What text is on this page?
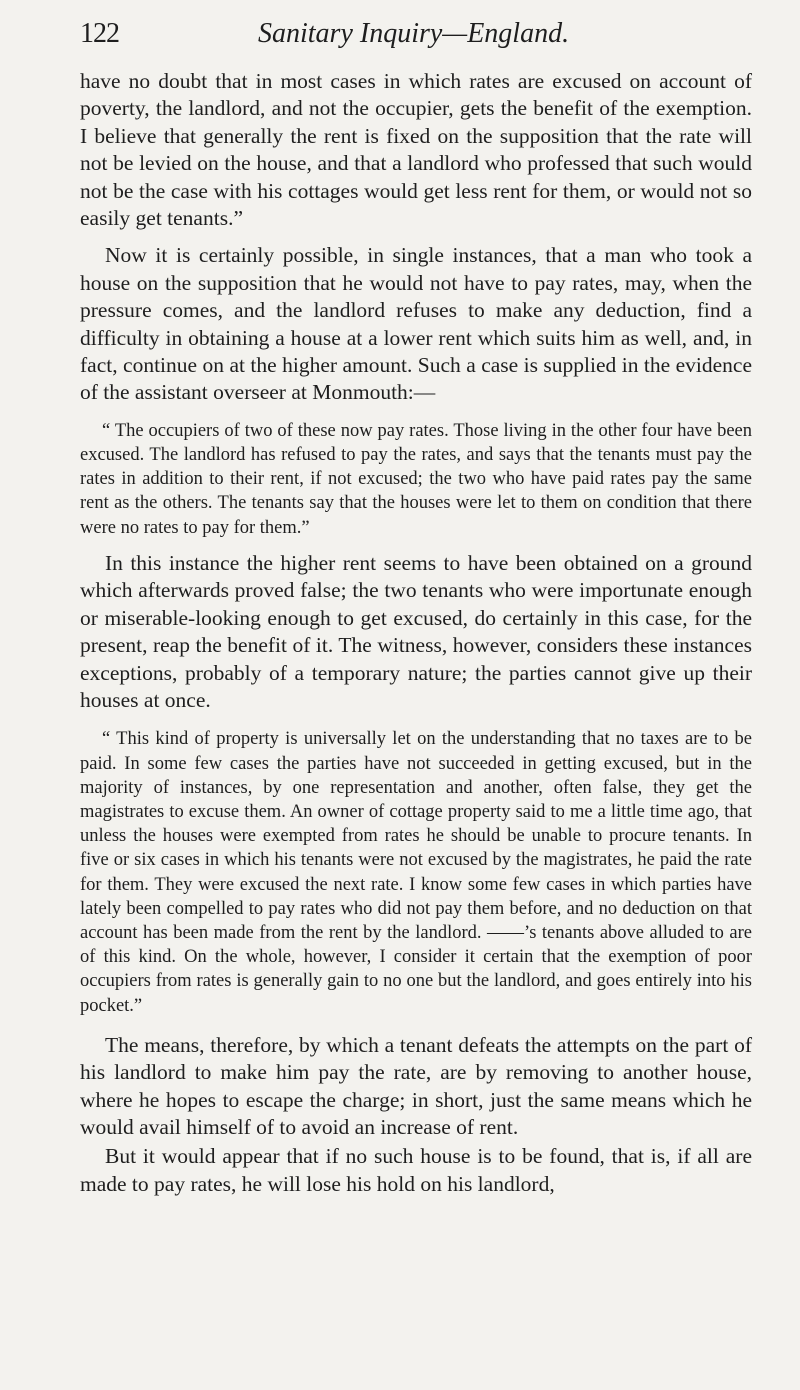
122	Sanitary Inquiry—England.

have no doubt that in most cases in which rates are excused on account of poverty, the landlord, and not the occupier, gets the benefit of the exemption. I believe that generally the rent is fixed on the supposition that the rate will not be levied on the house, and that a landlord who professed that such would not be the case with his cottages would get less rent for them, or would not so easily get tenants.”

Now it is certainly possible, in single instances, that a man who took a house on the supposition that he would not have to pay rates, may, when the pressure comes, and the landlord refuses to make any deduction, find a difficulty in obtaining a house at a lower rent which suits him as well, and, in fact, continue on at the higher amount. Such a case is supplied in the evidence of the assistant overseer at Monmouth:—

“ The occupiers of two of these now pay rates. Those living in the other four have been excused. The landlord has refused to pay the rates, and says that the tenants must pay the rates in addition to their rent, if not excused; the two who have paid rates pay the same rent as the others. The tenants say that the houses were let to them on condition that there were no rates to pay for them.”

In this instance the higher rent seems to have been obtained on a ground which afterwards proved false; the two tenants who were importunate enough or miserable-looking enough to get excused, do certainly in this case, for the present, reap the benefit of it. The witness, however, considers these instances exceptions, probably of a temporary nature; the parties cannot give up their houses at once.

“ This kind of property is universally let on the understanding that no taxes are to be paid. In some few cases the parties have not succeeded in getting excused, but in the majority of instances, by one representation and another, often false, they get the magistrates to excuse them. An owner of cottage property said to me a little time ago, that unless the houses were exempted from rates he should be unable to procure tenants. In five or six cases in which his tenants were not excused by the magistrates, he paid the rate for them. They were excused the next rate. I know some few cases in which parties have lately been compelled to pay rates who did not pay them before, and no deduction on that account has been made from the rent by the landlord. ——’s tenants above alluded to are of this kind. On the whole, however, I consider it certain that the exemption of poor occupiers from rates is generally gain to no one but the landlord, and goes entirely into his pocket.”

The means, therefore, by which a tenant defeats the attempts on the part of his landlord to make him pay the rate, are by removing to another house, where he hopes to escape the charge; in short, just the same means which he would avail himself of to avoid an increase of rent.

But it would appear that if no such house is to be found, that is, if all are made to pay rates, he will lose his hold on his landlord,
